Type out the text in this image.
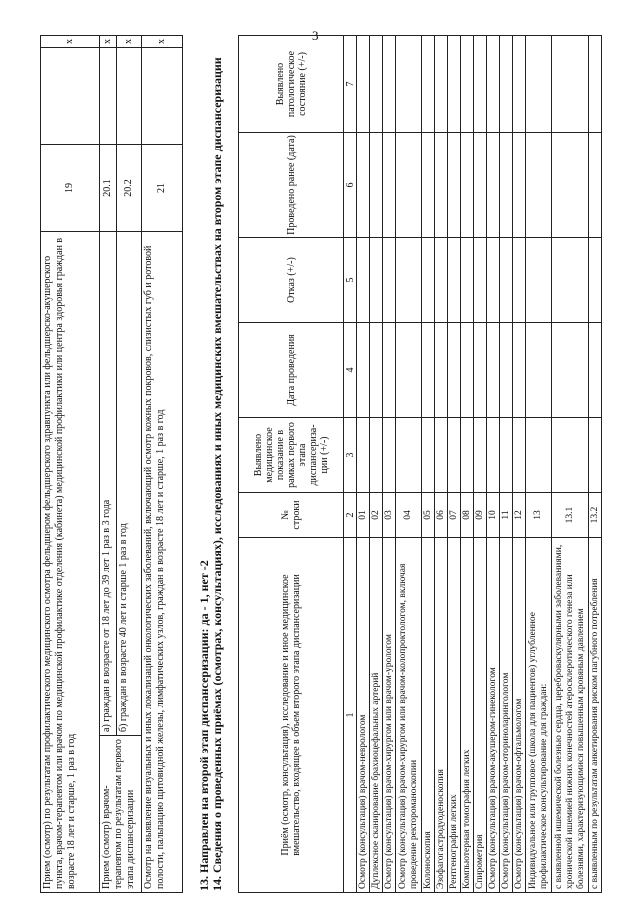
3
Прием (осмотр) по результатам профилактического медицинского осмотра фельдшером фельдшерского здравпункта или фельдшерско-акушерского пункта, врачом-терапевтом или врачом по медицинской профилактике отделения (кабинета) медицинской профилактики или центра здоровья граждан в возрасте 18 лет и старше, 1 раз в год		19		х
Прием (осмотр) врачом-терапевтом по результатам первого этапа диспансеризации	а) граждан в возрасте от 18 лет до 39 лет 1 раз в 3 года	20.1		х
	б) граждан в возрасте 40 лет и старше 1 раз в год	20.2		х
Осмотр на выявление визуальных и иных локализаций онкологических заболеваний, включающий осмотр кожных покровов, слизистых губ и ротовой полости, пальпацию щитовидной железы, лимфатических узлов, граждан в возрасте 18 лет и старше, 1 раз в год		21		х
13. Направлен на второй этап диспансеризации: да - 1, нет -2 14. Сведения о проведенных приёмах (осмотрах, консультациях), исследованиях и иных медицинских вмешательствах на втором этапе диспансеризации	Приём (осмотр, консультация), исследование и иное медицинское вмешательство, входящее в объем второго этапа диспансеризации	№ строки	Выявлено медицинское показание в рамках первого этапа диспансериза-ции (+/-)	Дата проведения	Отказ (+/-)	Проведено ранее (дата)	Выявлено патологическое состояние (+/-)
1	2	3	4	5	6	7
Осмотр (консультация) врачом-неврологом	01					
Дуплексное сканирование брахиоцефальных артерий	02					
Осмотр (консультация) врачом-хирургом или врачом-урологом	03					
Осмотр (консультация) врачом-хирургом или врачом-колопроктологом, включая проведение ректороманоскопии	04					
Колоноскопия	05					
Эзофагогастродуоденоскопия	06					
Рентгенография легких	07					
Компьютерная томография легких	08					
Спирометрия	09					
Осмотр (консультация) врачом-акушером-гинекологом	10					
Осмотр (консультация) врачом-оториноларингологом	11					
Осмотр (консультация) врачом-офтальмологом	12					
Индивидуальное или групповое (школа для пациентов) углубленное профилактическое консультирование для граждан:	13					
с выявленной ишемической болезнью сердца, цереброваскулярными заболеваниями, хронической ишемией нижних конечностей атеросклеротического генеза или болезнями, характеризующимися повышенным кровяным давлением	13.1					
с выявленным по результатам анкетирования риском пагубного потребления	13.2					
